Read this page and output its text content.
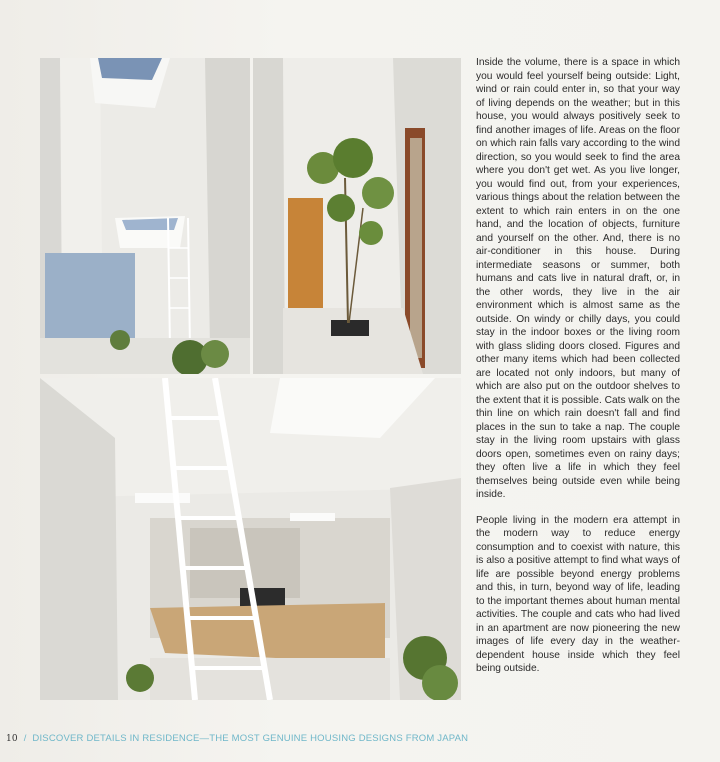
Inside the volume, there is a space in which you would feel yourself being outside: Light, wind or rain could enter in, so that your way of living depends on the weather; but in this house, you would always positively seek to find another images of life. Areas on the floor on which rain falls vary according to the wind direction, so you would seek to find the area where you don't get wet. As you live longer, you would find out, from your experiences, various things about the relation between the extent to which rain enters in on the one hand, and the location of objects, furniture and yourself on the other. And, there is no air-conditioner in this house. During intermediate seasons or summer, both humans and cats live in natural draft, or, in the other words, they live in the air environment which is almost same as the outside. On windy or chilly days, you could stay in the indoor boxes or the living room with glass sliding doors closed. Figures and other many items which had been collected are located not only indoors, but many of which are also put on the outdoor shelves to the extent that it is possible. Cats walk on the thin line on which rain doesn't fall and find places in the sun to take a nap. The couple stay in the living room upstairs with glass doors open, sometimes even on rainy days; they often live a life in which they feel themselves being outside even while being inside.

People living in the modern era attempt in the modern way to reduce energy consumption and to coexist with nature, this is also a positive attempt to find what ways of life are possible beyond energy problems and this, in turn, beyond way of life, leading to the important themes about human mental activities. The couple and cats who had lived in an apartment are now pioneering the new images of life every day in the weather-dependent house inside which they feel being outside.

10 / DISCOVER DETAILS IN RESIDENCE—THE MOST GENUINE HOUSING DESIGNS FROM JAPAN
